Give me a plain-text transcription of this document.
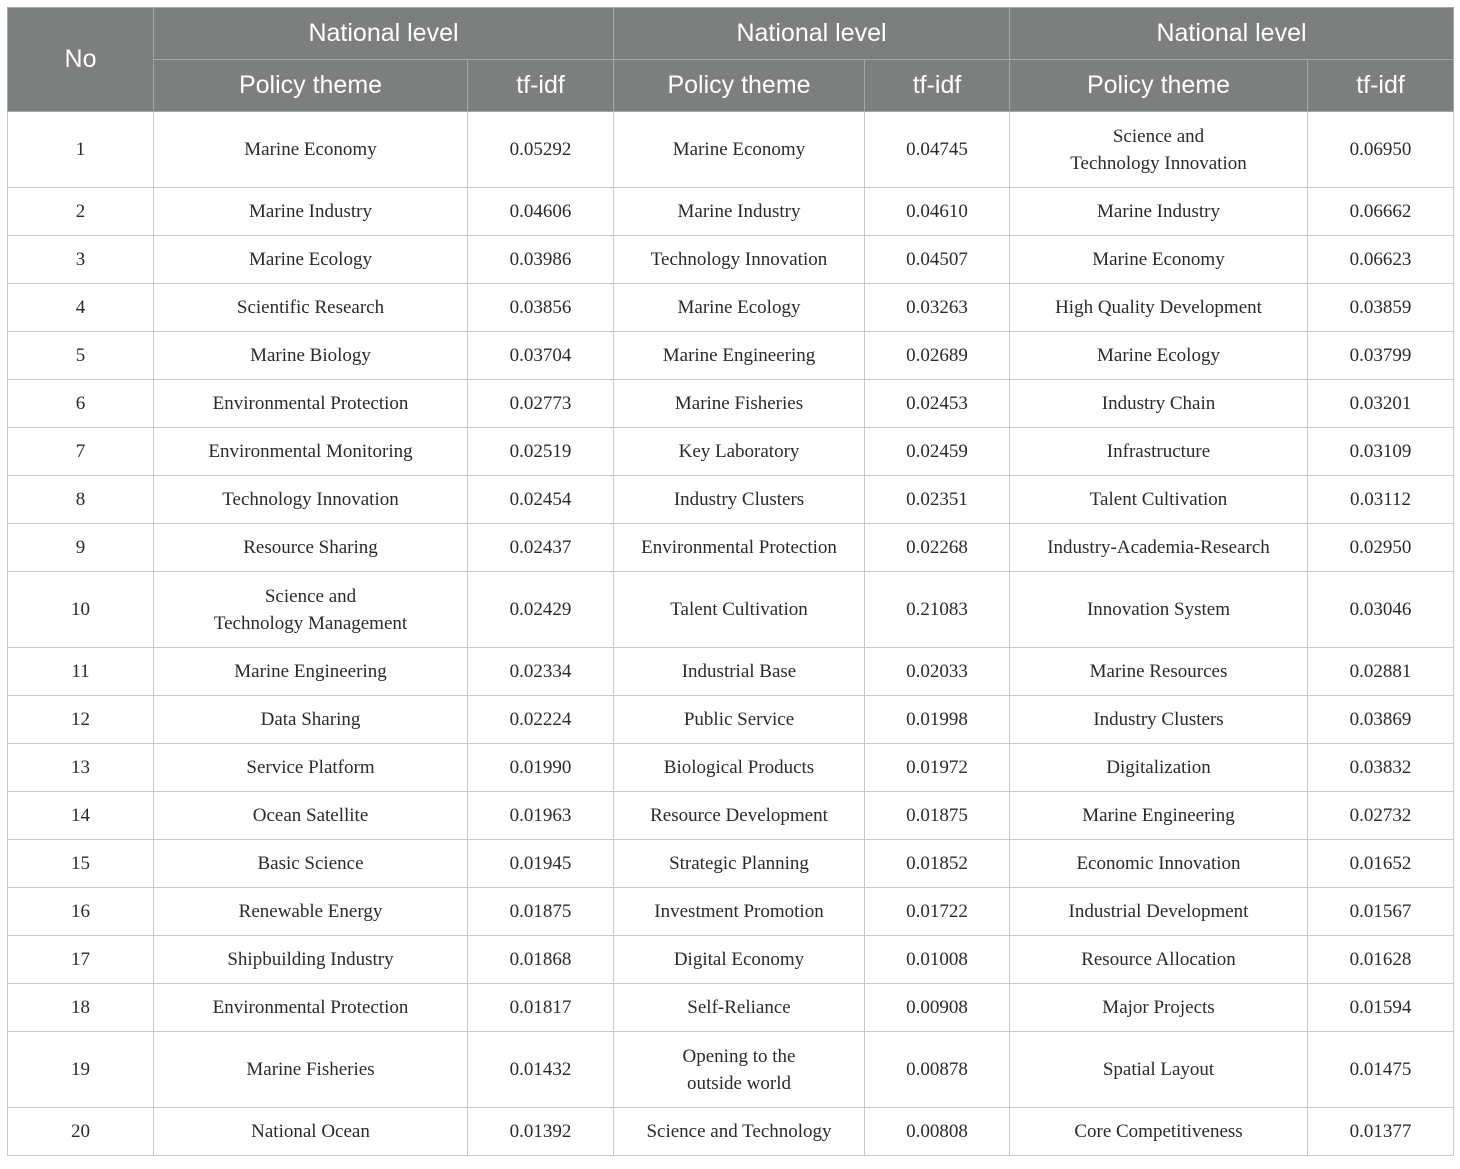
No	National level		National level		National level	
	Policy theme	tf-idf	Policy theme	tf-idf	Policy theme	tf-idf
1	Marine Economy	0.05292	Marine Economy	0.04745	Science and
Technology Innovation	0.06950
2	Marine Industry	0.04606	Marine Industry	0.04610	Marine Industry	0.06662
3	Marine Ecology	0.03986	Technology Innovation	0.04507	Marine Economy	0.06623
4	Scientific Research	0.03856	Marine Ecology	0.03263	High Quality Development	0.03859
5	Marine Biology	0.03704	Marine Engineering	0.02689	Marine Ecology	0.03799
6	Environmental Protection	0.02773	Marine Fisheries	0.02453	Industry Chain	0.03201
7	Environmental Monitoring	0.02519	Key Laboratory	0.02459	Infrastructure	0.03109
8	Technology Innovation	0.02454	Industry Clusters	0.02351	Talent Cultivation	0.03112
9	Resource Sharing	0.02437	Environmental Protection	0.02268	Industry-Academia-Research	0.02950
10	Science and
Technology Management	0.02429	Talent Cultivation	0.21083	Innovation System	0.03046
11	Marine Engineering	0.02334	Industrial Base	0.02033	Marine Resources	0.02881
12	Data Sharing	0.02224	Public Service	0.01998	Industry Clusters	0.03869
13	Service Platform	0.01990	Biological Products	0.01972	Digitalization	0.03832
14	Ocean Satellite	0.01963	Resource Development	0.01875	Marine Engineering	0.02732
15	Basic Science	0.01945	Strategic Planning	0.01852	Economic Innovation	0.01652
16	Renewable Energy	0.01875	Investment Promotion	0.01722	Industrial Development	0.01567
17	Shipbuilding Industry	0.01868	Digital Economy	0.01008	Resource Allocation	0.01628
18	Environmental Protection	0.01817	Self-Reliance	0.00908	Major Projects	0.01594
19	Marine Fisheries	0.01432	Opening to the
outside world	0.00878	Spatial Layout	0.01475
20	National Ocean	0.01392	Science and Technology	0.00808	Core Competitiveness	0.01377
